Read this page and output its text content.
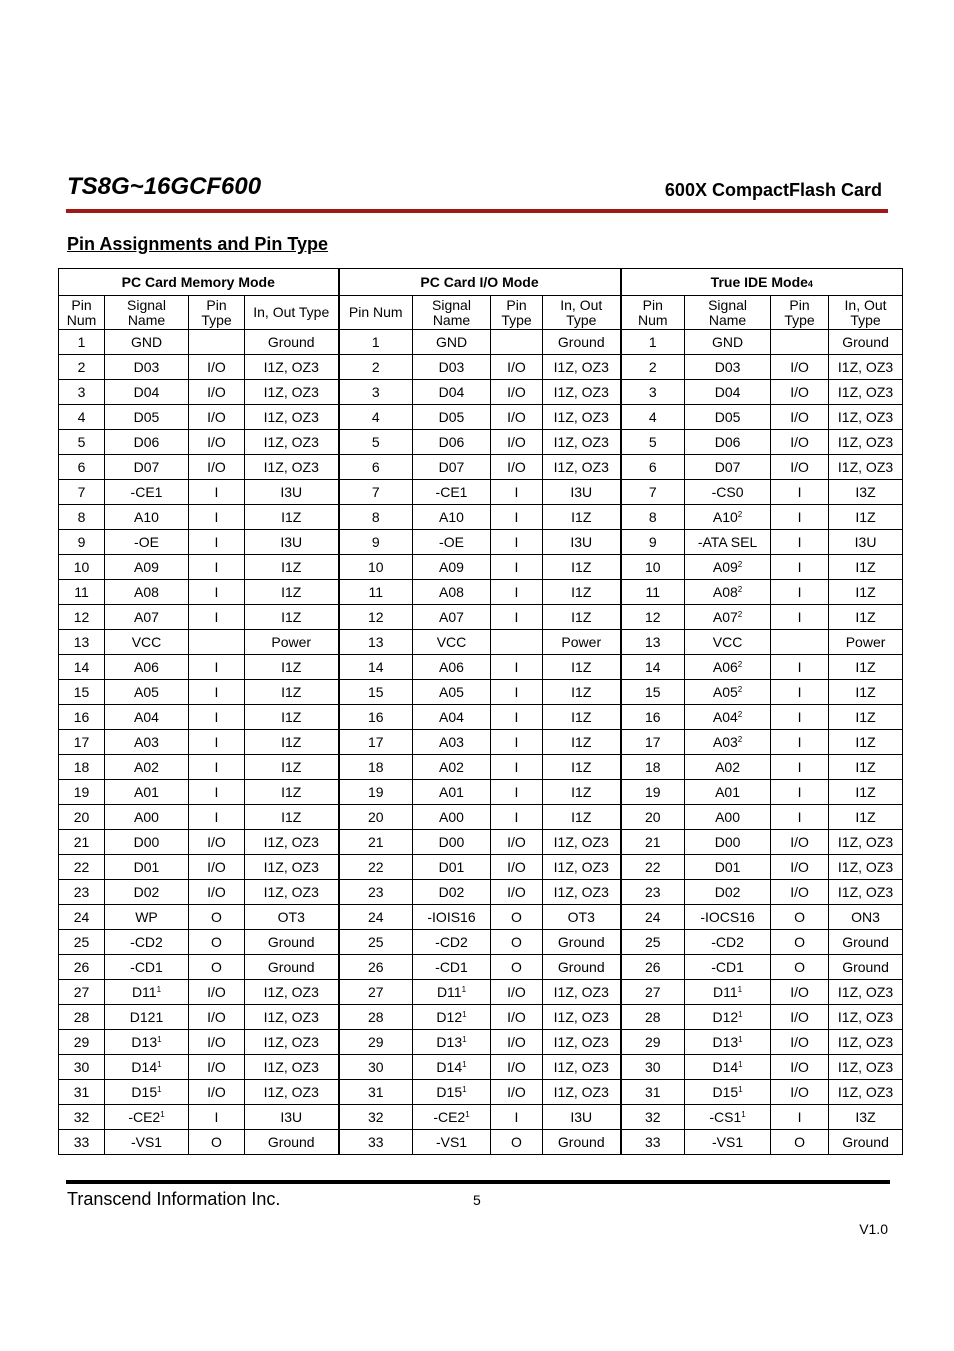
TS8G~16GCF600	600X CompactFlash Card
Pin Assignments and Pin Type
PC Card Memory Mode				PC Card I/O Mode				True IDE Mode4			
Pin
Num	Signal
Name	Pin
Type	In, Out Type	Pin Num	Signal
Name	Pin
Type	In, Out
Type	Pin
Num	Signal
Name	Pin
Type	In, Out
Type
1	GND		Ground	1	GND		Ground	1	GND		Ground
2	D03	I/O	I1Z, OZ3	2	D03	I/O	I1Z, OZ3	2	D03	I/O	I1Z, OZ3
3	D04	I/O	I1Z, OZ3	3	D04	I/O	I1Z, OZ3	3	D04	I/O	I1Z, OZ3
4	D05	I/O	I1Z, OZ3	4	D05	I/O	I1Z, OZ3	4	D05	I/O	I1Z, OZ3
5	D06	I/O	I1Z, OZ3	5	D06	I/O	I1Z, OZ3	5	D06	I/O	I1Z, OZ3
6	D07	I/O	I1Z, OZ3	6	D07	I/O	I1Z, OZ3	6	D07	I/O	I1Z, OZ3
7	-CE1	I	I3U	7	-CE1	I	I3U	7	-CS0	I	I3Z
8	A10	I	I1Z	8	A10	I	I1Z	8	$A10^2$	I	I1Z
9	-OE	I	I3U	9	-OE	I	I3U	9	-ATA SEL	I	I3U
10	A09	I	I1Z	10	A09	I	I1Z	10	$A09^2$	I	I1Z
11	A08	I	I1Z	11	A08	I	I1Z	11	$A08^2$	I	I1Z
12	A07	I	I1Z	12	A07	I	I1Z	12	$A07^2$	I	I1Z
13	VCC		Power	13	VCC		Power	13	VCC		Power
14	A06	I	I1Z	14	A06	I	I1Z	14	$A06^2$	I	I1Z
15	A05	I	I1Z	15	A05	I	I1Z	15	$A05^2$	I	I1Z
16	A04	I	I1Z	16	A04	I	I1Z	16	$A04^2$	I	I1Z
17	A03	I	I1Z	17	A03	I	I1Z	17	$A03^2$	I	I1Z
18	A02	I	I1Z	18	A02	I	I1Z	18	A02	I	I1Z
19	A01	I	I1Z	19	A01	I	I1Z	19	A01	I	I1Z
20	A00	I	I1Z	20	A00	I	I1Z	20	A00	I	I1Z
21	D00	I/O	I1Z, OZ3	21	D00	I/O	I1Z, OZ3	21	D00	I/O	I1Z, OZ3
22	D01	I/O	I1Z, OZ3	22	D01	I/O	I1Z, OZ3	22	D01	I/O	I1Z, OZ3
23	D02	I/O	I1Z, OZ3	23	D02	I/O	I1Z, OZ3	23	D02	I/O	I1Z, OZ3
24	WP	O	OT3	24	-IOIS16	O	OT3	24	-IOCS16	O	ON3
25	-CD2	O	Ground	25	-CD2	O	Ground	25	-CD2	O	Ground
26	-CD1	O	Ground	26	-CD1	O	Ground	26	-CD1	O	Ground
27	$D11^1$	I/O	I1Z, OZ3	27	$D11^1$	I/O	I1Z, OZ3	27	$D11^1$	I/O	I1Z, OZ3
28	D121	I/O	I1Z, OZ3	28	$D12^1$	I/O	I1Z, OZ3	28	$D12^1$	I/O	I1Z, OZ3
29	$D13^1$	I/O	I1Z, OZ3	29	$D13^1$	I/O	I1Z, OZ3	29	$D13^1$	I/O	I1Z, OZ3
30	$D14^1$	I/O	I1Z, OZ3	30	$D14^1$	I/O	I1Z, OZ3	30	$D14^1$	I/O	I1Z, OZ3
31	$D15^1$	I/O	I1Z, OZ3	31	$D15^1$	I/O	I1Z, OZ3	31	$D15^1$	I/O	I1Z, OZ3
32	$-CE2^1$	I	I3U	32	$-CE2^1$	I	I3U	32	$-CS1^1$	I	I3Z
33	-VS1	O	Ground	33	-VS1	O	Ground	33	-VS1	O	Ground
Transcend Information Inc.	5
V1.0
